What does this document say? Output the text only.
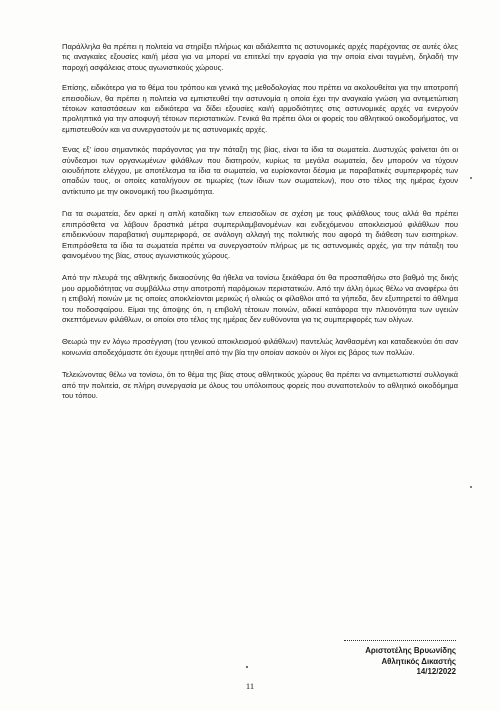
Παράλληλα θα πρέπει η πολιτεία να στηρίξει πλήρως και αδιάλειπτα τις αστυνομικές αρχές παρέχοντας σε αυτές όλες τις αναγκαίες εξουσίες και/ή μέσα για να μπορεί να επιτελεί την εργασία για την οποία είναι ταγμένη, δηλαδή την παροχή ασφάλειας στους αγωνιστικούς χώρους.

Επίσης, ειδικότερα για το θέμα του τρόπου και γενικά της μεθοδολογίας που πρέπει να ακολουθείται για την αποτροπή επεισοδίων, θα πρέπει η πολιτεία να εμπιστευθεί την αστυνομία η οποία έχει την αναγκαία γνώση για αντιμετώπιση τέτοιων καταστάσεων και ειδικότερα να δίδει εξουσίες και/ή αρμοδιότητες στις αστυνομικές αρχές να ενεργούν προληπτικά για την αποφυγή τέτοιων περιστατικών. Γενικά θα πρέπει όλοι οι φορείς του αθλητικού οικοδομήματος, να εμπιστευθούν και να συνεργαστούν με τις αστυνομικές αρχές.

Ένας εξ' ίσου σημαντικός παράγοντας για την πάταξη της βίας, είναι τα ίδια τα σωματεία. Δυστυχώς φαίνεται ότι οι σύνδεσμοι των οργανωμένων φιλάθλων που διατηρούν, κυρίως τα μεγάλα σωματεία, δεν μπορούν να τύχουν οιουδήποτε ελέγχου, με αποτέλεσμα τα ίδια τα σωματεία, να ευρίσκονται δέσμια με παραβατικές συμπεριφορές των οπαδών τους, οι οποίες καταλήγουν σε τιμωρίες (των ίδιων των σωματείων), που στο τέλος της ημέρας έχουν αντίκτυπο με την οικονομική του βιωσιμότητα.

Για τα σωματεία, δεν αρκεί η απλή καταδίκη των επεισοδίων σε σχέση με τους φιλάθλους τους αλλά θα πρέπει επιπρόσθετα να λάβουν δραστικά μέτρα συμπεριλαμβανομένων και ενδεχόμενου αποκλεισμού φιλάθλων που επιδεικνύουν παραβατική συμπεριφορά, σε ανάλογη αλλαγή της πολιτικής που αφορά τη διάθεση των εισιτηρίων. Επιπρόσθετα τα ίδια τα σωματεία πρέπει να συνεργαστούν πλήρως με τις αστυνομικές αρχές, για την πάταξη του φαινομένου της βίας, στους αγωνιστικούς χώρους.

Από την πλευρά της αθλητικής δικαιοσύνης θα ήθελα να τονίσω ξεκάθαρα ότι θα προσπαθήσω στο βαθμό της δικής μου αρμοδιότητας να συμβάλλω στην αποτροπή παρόμοιων περιστατικών. Από την άλλη όμως θέλω να αναφέρω ότι η επιβολή ποινών με τις οποίες αποκλείονται μερικώς ή ολικώς οι φίλαθλοι από τα γήπεδα, δεν εξυπηρετεί το άθλημα του ποδοσφαίρου. Είμαι της άποψης ότι, η επιβολή τέτοιων ποινών, αδικεί κατάφορα την πλειονότητα των υγειών σκεπτόμενων φιλάθλων, οι οποίοι στο τέλος της ημέρας δεν ευθύνονται για τις συμπεριφορές των ολίγων.

Θεωρώ την εν λόγω προσέγγιση (του γενικού αποκλεισμού φιλάθλων) παντελώς λανθασμένη και καταδεικνύει ότι σαν κοινωνία αποδεχόμαστε ότι έχουμε ηττηθεί από την βία την οποίαν ασκούν οι λίγοι εις βάρος των πολλών.

Τελειώνοντας θέλω να τονίσω, ότι το θέμα της βίας στους αθλητικούς χώρους θα πρέπει να αντιμετωπιστεί συλλογικά από την πολιτεία, σε πλήρη συνεργασία με όλους του υπόλοιπους φορείς που συναποτελούν το αθλητικό οικοδόμημα του τόπου.

Αριστοτέλης Βρυωνίδης
Αθλητικός Δικαστής
14/12/2022
11
